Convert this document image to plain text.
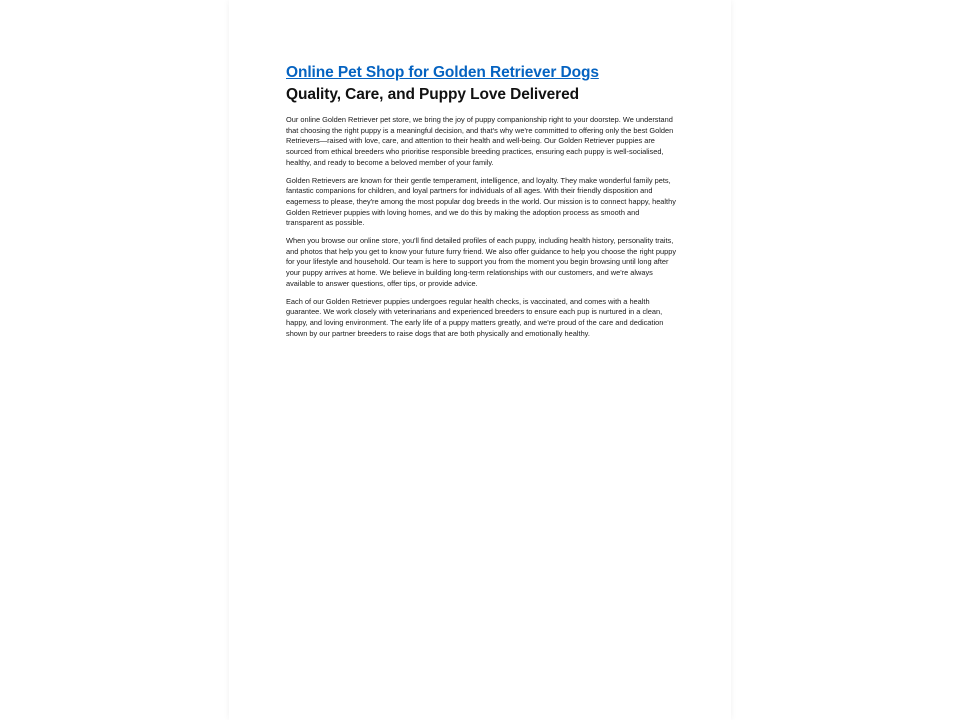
Online Pet Shop for Golden Retriever Dogs
Quality, Care, and Puppy Love Delivered

Our online Golden Retriever pet store, we bring the joy of puppy companionship right to your doorstep. We understand that choosing the right puppy is a meaningful decision, and that's why we're committed to offering only the best Golden Retrievers—raised with love, care, and attention to their health and well-being. Our Golden Retriever puppies are sourced from ethical breeders who prioritise responsible breeding practices, ensuring each puppy is well-socialised, healthy, and ready to become a beloved member of your family.

Golden Retrievers are known for their gentle temperament, intelligence, and loyalty. They make wonderful family pets, fantastic companions for children, and loyal partners for individuals of all ages. With their friendly disposition and eagerness to please, they're among the most popular dog breeds in the world. Our mission is to connect happy, healthy Golden Retriever puppies with loving homes, and we do this by making the adoption process as smooth and transparent as possible.

When you browse our online store, you'll find detailed profiles of each puppy, including health history, personality traits, and photos that help you get to know your future furry friend. We also offer guidance to help you choose the right puppy for your lifestyle and household. Our team is here to support you from the moment you begin browsing until long after your puppy arrives at home. We believe in building long-term relationships with our customers, and we're always available to answer questions, offer tips, or provide advice.

Each of our Golden Retriever puppies undergoes regular health checks, is vaccinated, and comes with a health guarantee. We work closely with veterinarians and experienced breeders to ensure each pup is nurtured in a clean, happy, and loving environment. The early life of a puppy matters greatly, and we're proud of the care and dedication shown by our partner breeders to raise dogs that are both physically and emotionally healthy.
